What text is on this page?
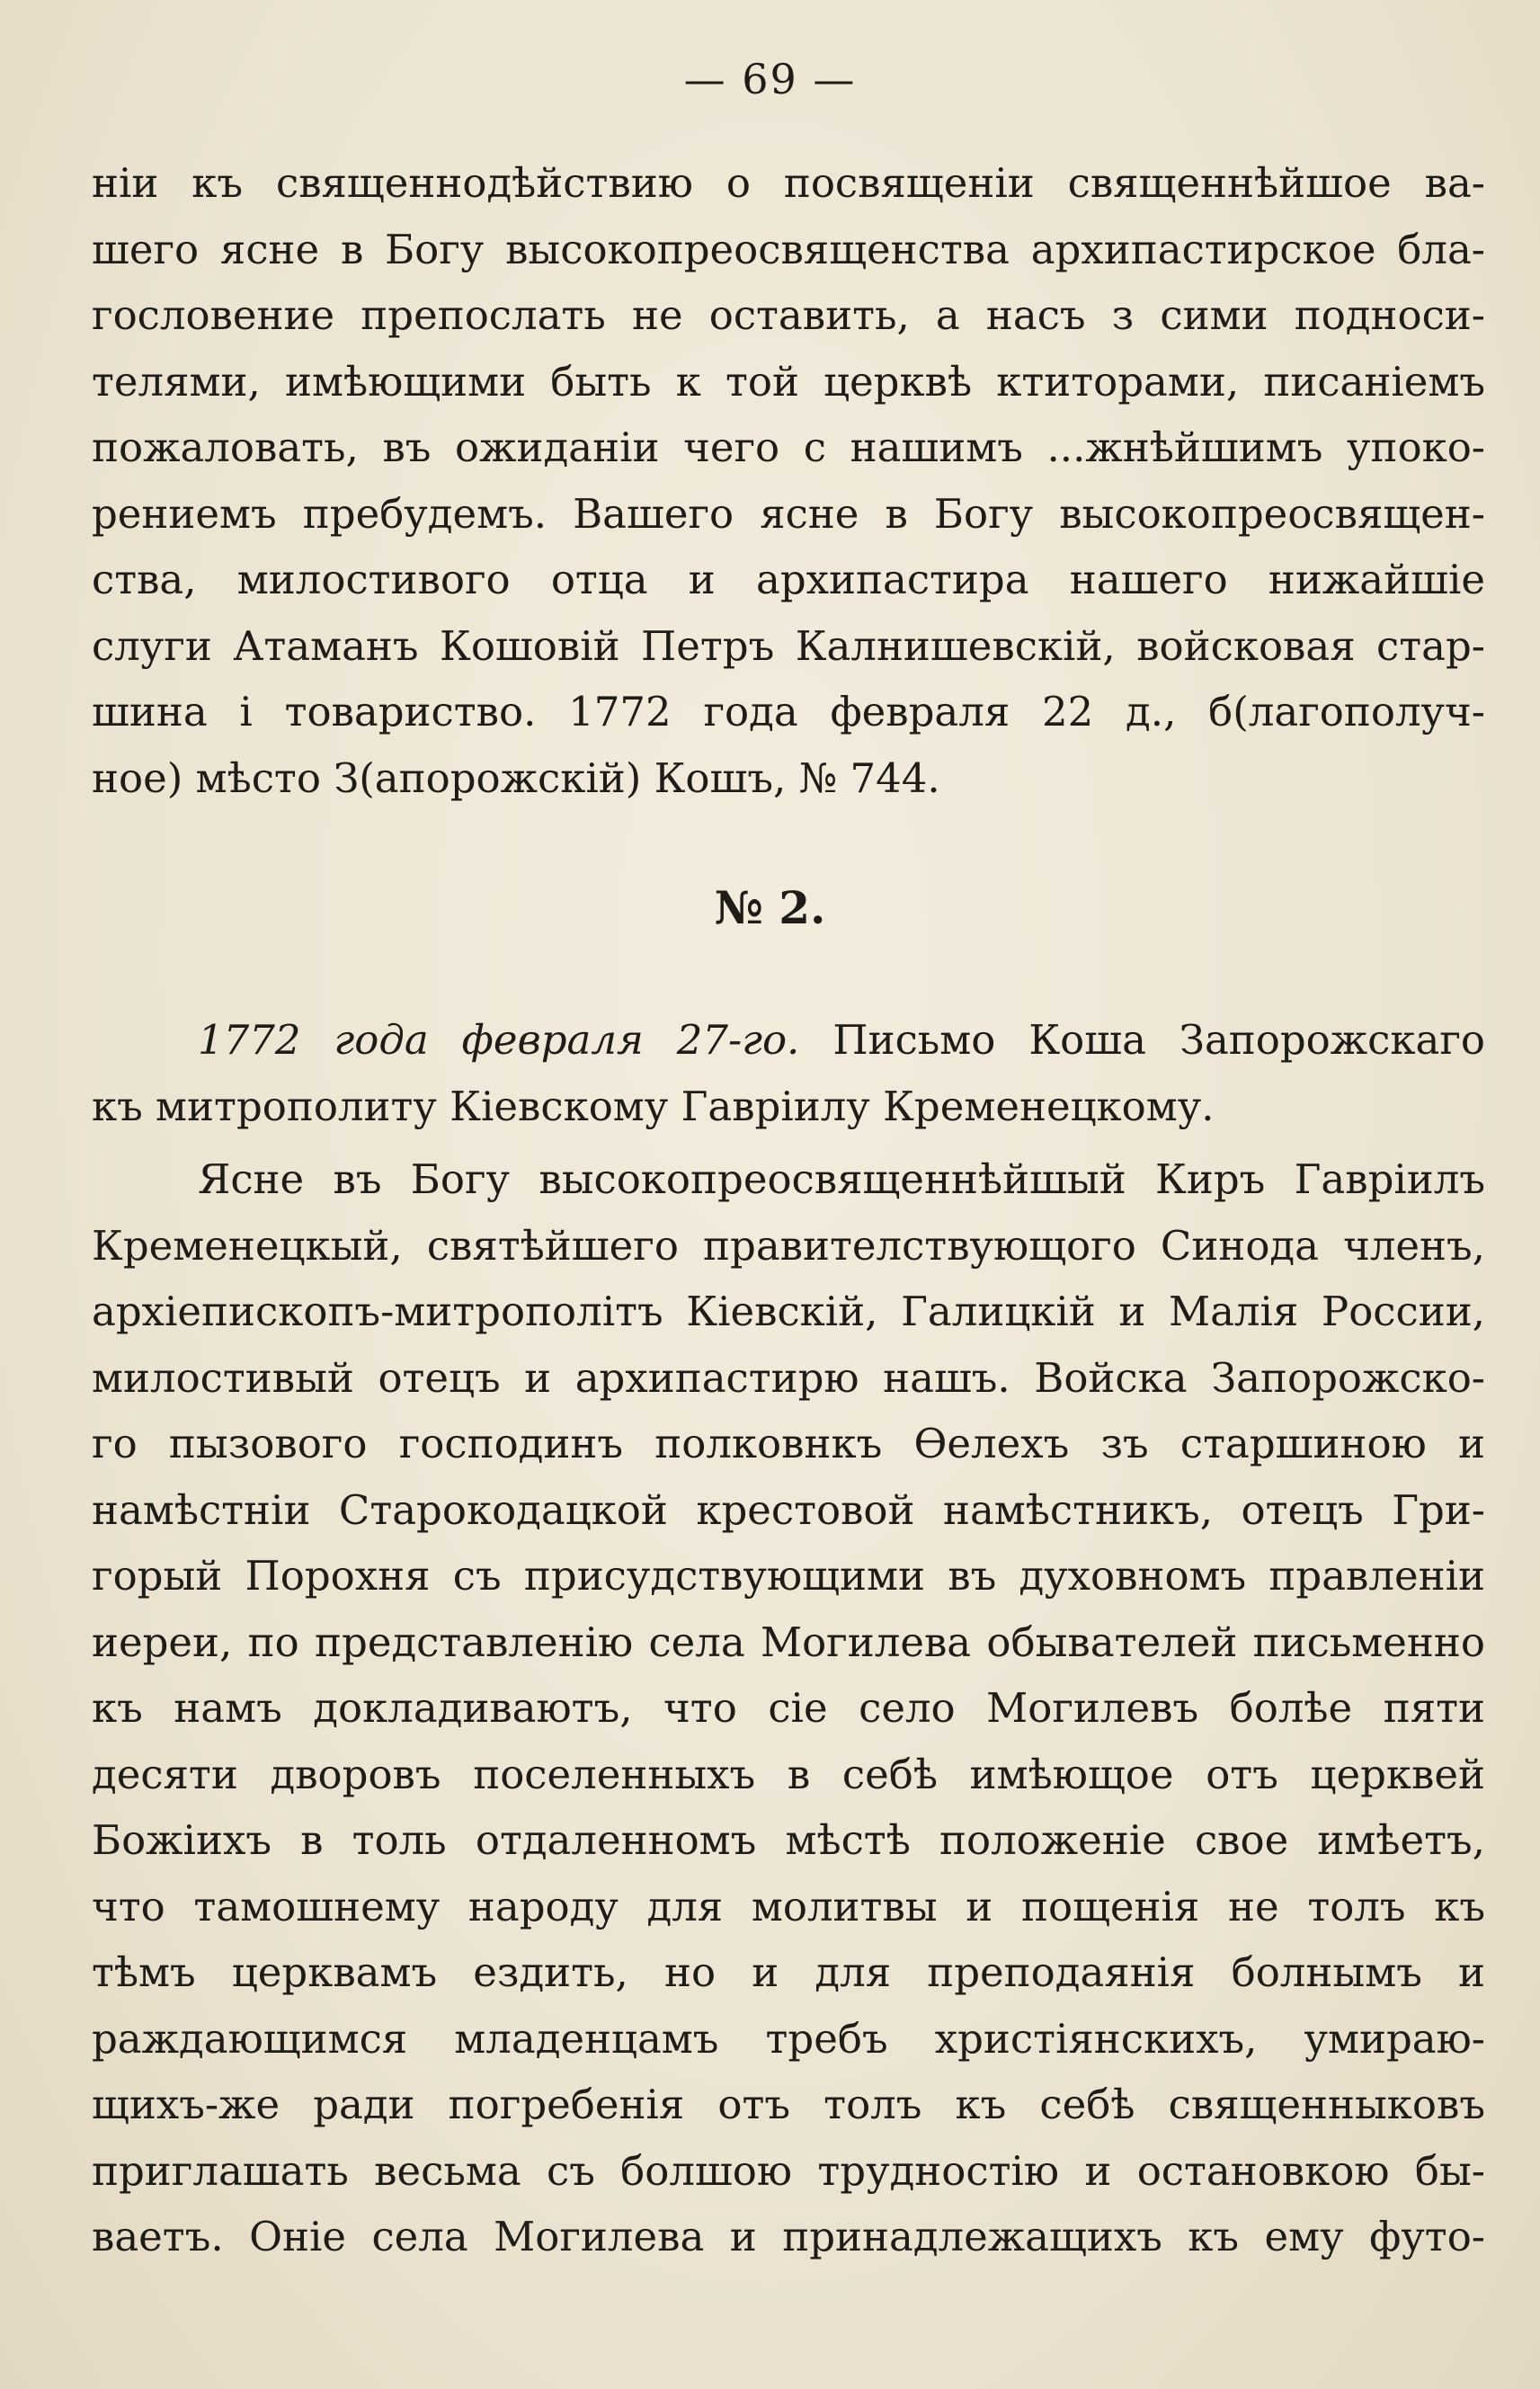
— 69 —
ніи къ священнодѣйствию о посвященіи священнѣйшое ва-
шего ясне в Богу высокопреосвященства архипастирское бла-
гословение препослать не оставить, а насъ з сими подноси-
телями, имѣющими быть к той церквѣ ктиторами, писаніемъ
пожаловать, въ ожиданіи чего с нашимъ ...жнѣйшимъ упоко-
рениемъ пребудемъ. Вашего ясне в Богу высокопреосвящен-
ства, милостивого отца и архипастира нашего нижайшіе
слуги Атаманъ Кошовій Петръ Калнишевскій, войсковая стар-
шина і товариство. 1772 года февраля 22 д., б(лагополуч-
ное) мѣсто З(апорожскій) Кошъ, № 744.
№ 2.
1772 года февраля 27-го. Письмо Коша Запорожскаго
къ митрополиту Кіевскому Гавріилу Кременецкому.
Ясне въ Богу высокопреосвященнѣйшый Киръ Гавріилъ
Кременецкый, святѣйшего правителствующого Синода членъ,
архіепископъ-митрополітъ Кіевскій, Галицкій и Малія России,
милостивый отецъ и архипастирю нашъ. Войска Запорожско-
го пызового господинъ полковнкъ Ѳелехъ зъ старшиною и
намѣстніи Старокодацкой крестовой намѣстникъ, отецъ Гри-
горый Порохня съ присудствующими въ духовномъ правленіи
иереи, по представленію села Могилева обывателей письменно
къ намъ докладиваютъ, что сіе село Могилевъ болѣе пяти
десяти дворовъ поселенныхъ в себѣ имѣющое отъ церквей
Божіихъ в толь отдаленномъ мѣстѣ положеніе свое имѣетъ,
что тамошнему народу для молитвы и пощенія не толъ къ
тѣмъ церквамъ ездить, но и для преподаянія болнымъ и
раждающимся младенцамъ требъ христіянскихъ, умираю-
щихъ-же ради погребенія отъ толъ къ себѣ священныковъ
приглашать весьма съ болшою трудностію и остановкою бы-
ваетъ. Оніе села Могилева и принадлежащихъ къ ему футо-
